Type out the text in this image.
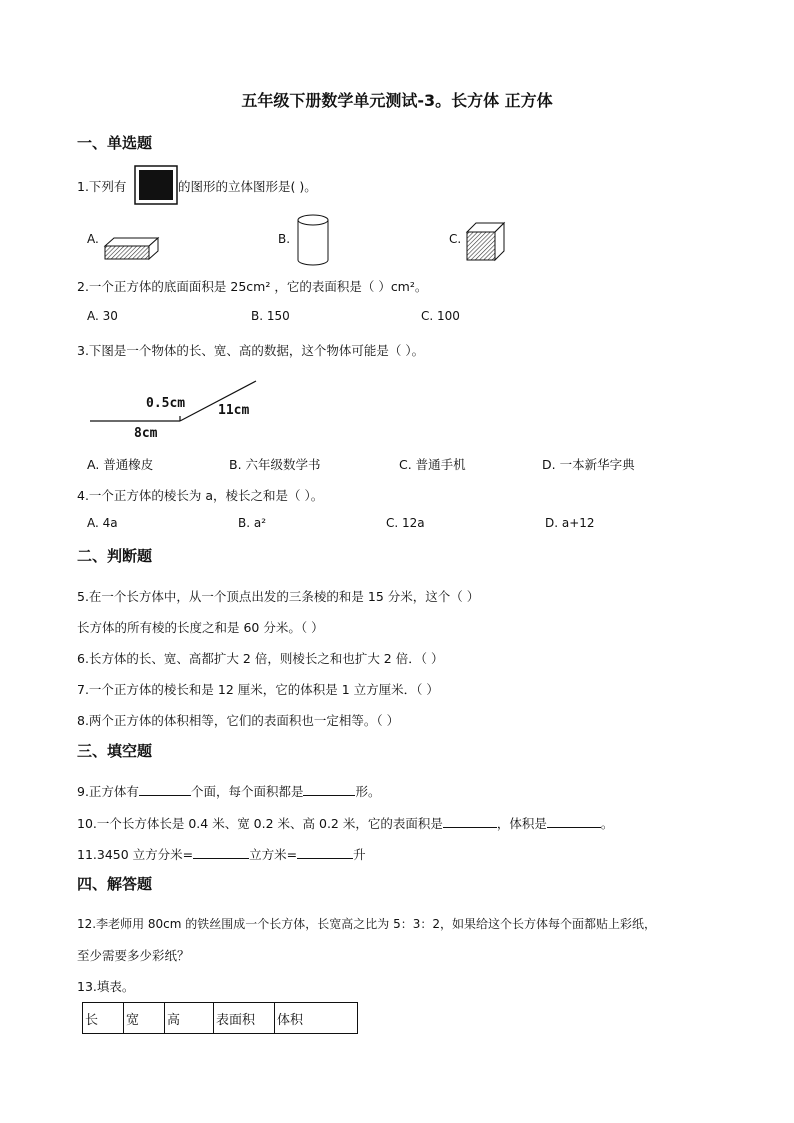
五年级下册数学单元测试-3。长方体 正方体
一、单选题
1.下列有	的图形的立体图形是( )。
A.	B.	C.
2.一个正方体的底面面积是 25cm² ，它的表面积是（ ）cm²。
A. 30	B. 150	C. 100
3.下图是一个物体的长、宽、高的数据，这个物体可能是（ ）。
0.5cm	11cm
8cm
A. 普通橡皮	B. 六年级数学书	C. 普通手机	D. 一本新华字典
4.一个正方体的棱长为 a，棱长之和是（ ）。
A. 4a	B. a²	C. 12a	D. a+12
二、判断题
5.在一个长方体中，从一个顶点出发的三条棱的和是 15 分米，这个（ ）
长方体的所有棱的长度之和是 60 分米。（ ）
6.长方体的长、宽、高都扩大 2 倍，则棱长之和也扩大 2 倍．（ ）
7.一个正方体的棱长和是 12 厘米，它的体积是 1 立方厘米．（ ）
8.两个正方体的体积相等，它们的表面积也一定相等。（ ）
三、填空题
9.正方体有	个面，每个面积都是	形。
10.一个长方体长是 0.4 米、宽 0.2 米、高 0.2 米，它的表面积是	，体积是	。
11.3450 立方分米=	立方米=	升
四、解答题
12.李老师用 80cm 的铁丝围成一个长方体，长宽高之比为 5：3：2，如果给这个长方体每个面都贴上彩纸，
至少需要多少彩纸？
13.填表。
长	宽	高	表面积	体积
